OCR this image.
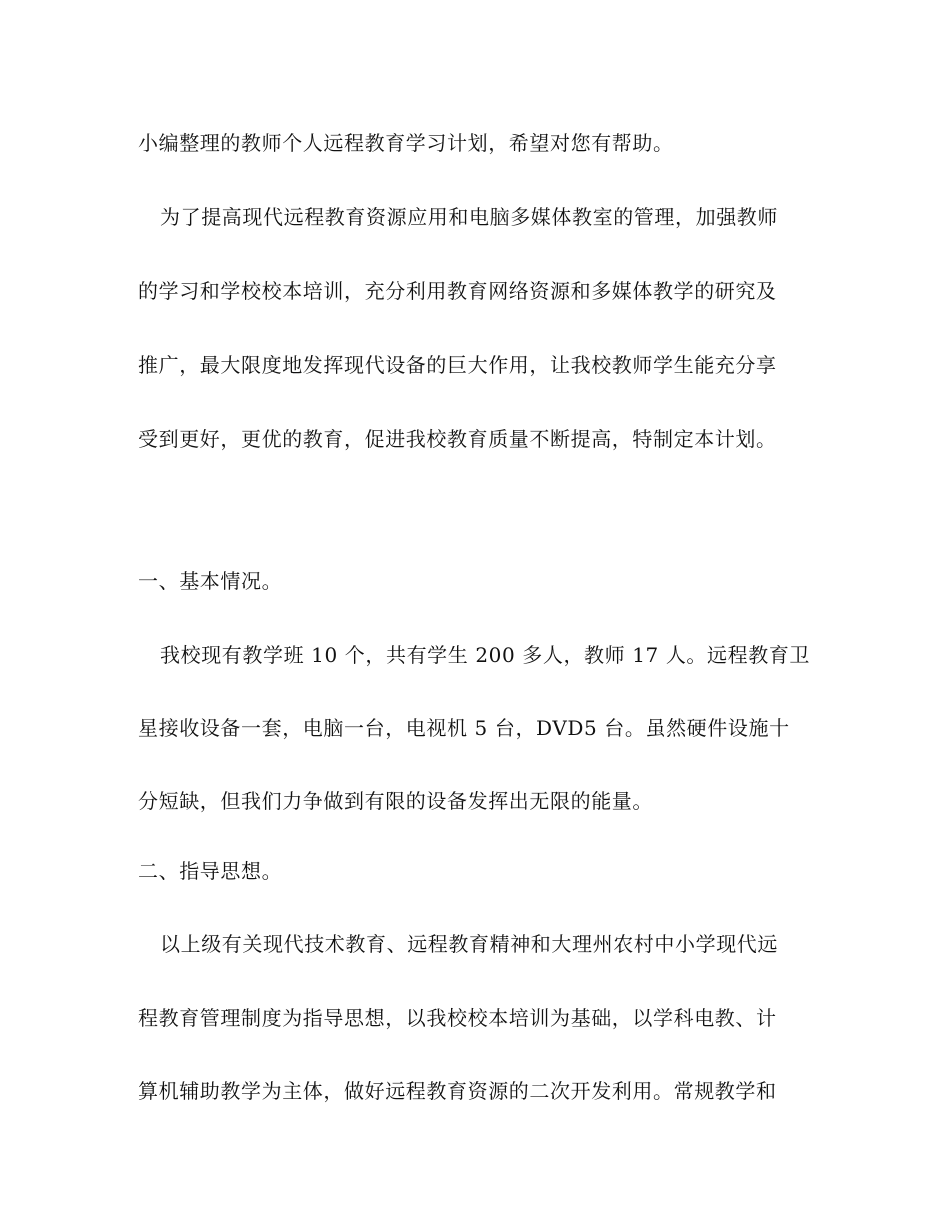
小编整理的教师个人远程教育学习计划，希望对您有帮助。

为了提高现代远程教育资源应用和电脑多媒体教室的管理，加强教师

的学习和学校校本培训，充分利用教育网络资源和多媒体教学的研究及

推广，最大限度地发挥现代设备的巨大作用，让我校教师学生能充分享

受到更好，更优的教育，促进我校教育质量不断提高，特制定本计划。

一、基本情况。

我校现有教学班 10 个，共有学生 200 多人，教师 17 人。远程教育卫

星接收设备一套，电脑一台，电视机 5 台，DVD5 台。虽然硬件设施十

分短缺，但我们力争做到有限的设备发挥出无限的能量。

二、指导思想。

以上级有关现代技术教育、远程教育精神和大理州农村中小学现代远

程教育管理制度为指导思想，以我校校本培训为基础，以学科电教、计

算机辅助教学为主体，做好远程教育资源的二次开发利用。常规教学和
